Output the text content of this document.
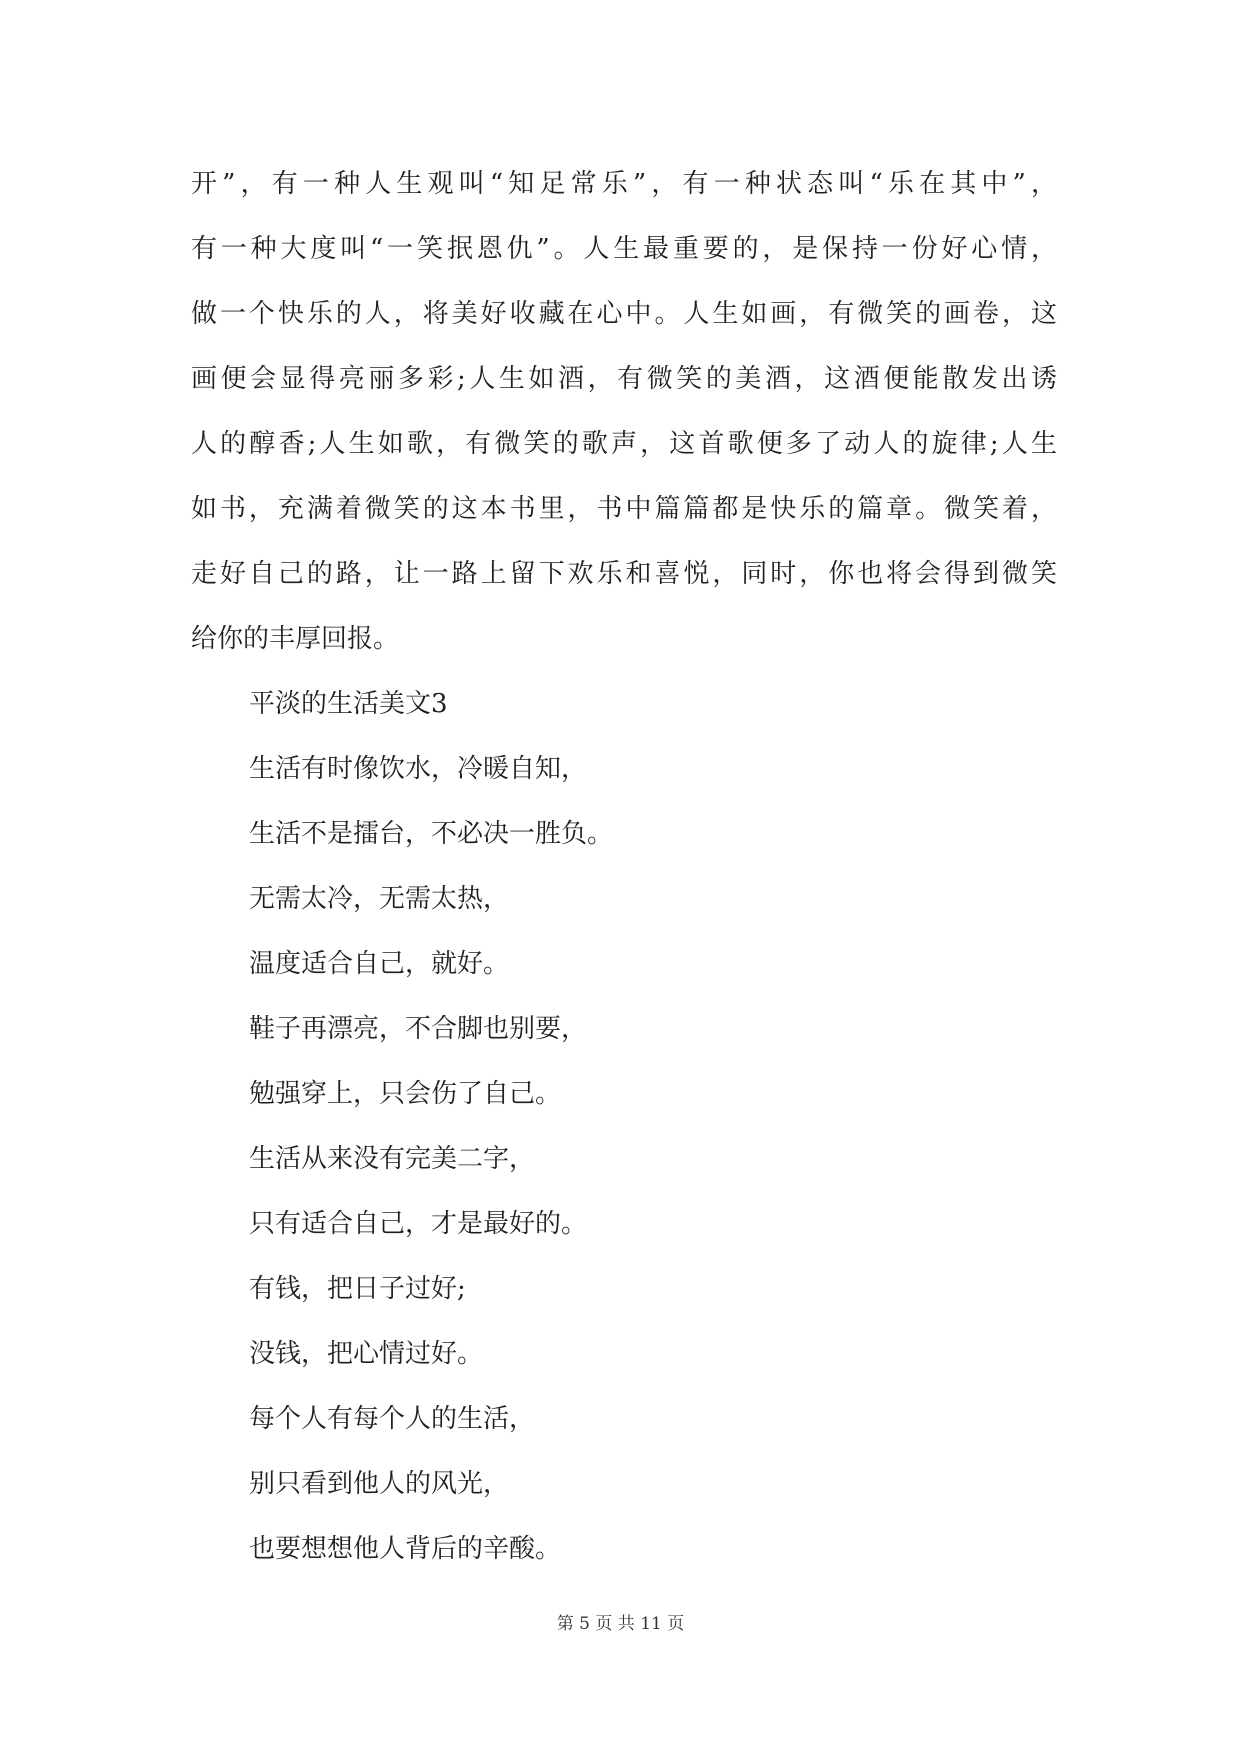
开”，有一种人生观叫“知足常乐”，有一种状态叫“乐在其中”，
有一种大度叫“一笑抿恩仇”。人生最重要的，是保持一份好心情，
做一个快乐的人，将美好收藏在心中。人生如画，有微笑的画卷，这
画便会显得亮丽多彩;人生如酒，有微笑的美酒，这酒便能散发出诱
人的醇香;人生如歌，有微笑的歌声，这首歌便多了动人的旋律;人生
如书，充满着微笑的这本书里，书中篇篇都是快乐的篇章。微笑着，
走好自己的路，让一路上留下欢乐和喜悦，同时，你也将会得到微笑
给你的丰厚回报。
平淡的生活美文3
生活有时像饮水，冷暖自知，
生活不是擂台，不必决一胜负。
无需太冷，无需太热，
温度适合自己，就好。
鞋子再漂亮，不合脚也别要，
勉强穿上，只会伤了自己。
生活从来没有完美二字，
只有适合自己，才是最好的。
有钱，把日子过好;
没钱，把心情过好。
每个人有每个人的生活，
别只看到他人的风光，
也要想想他人背后的辛酸。
第 5 页 共 11 页
